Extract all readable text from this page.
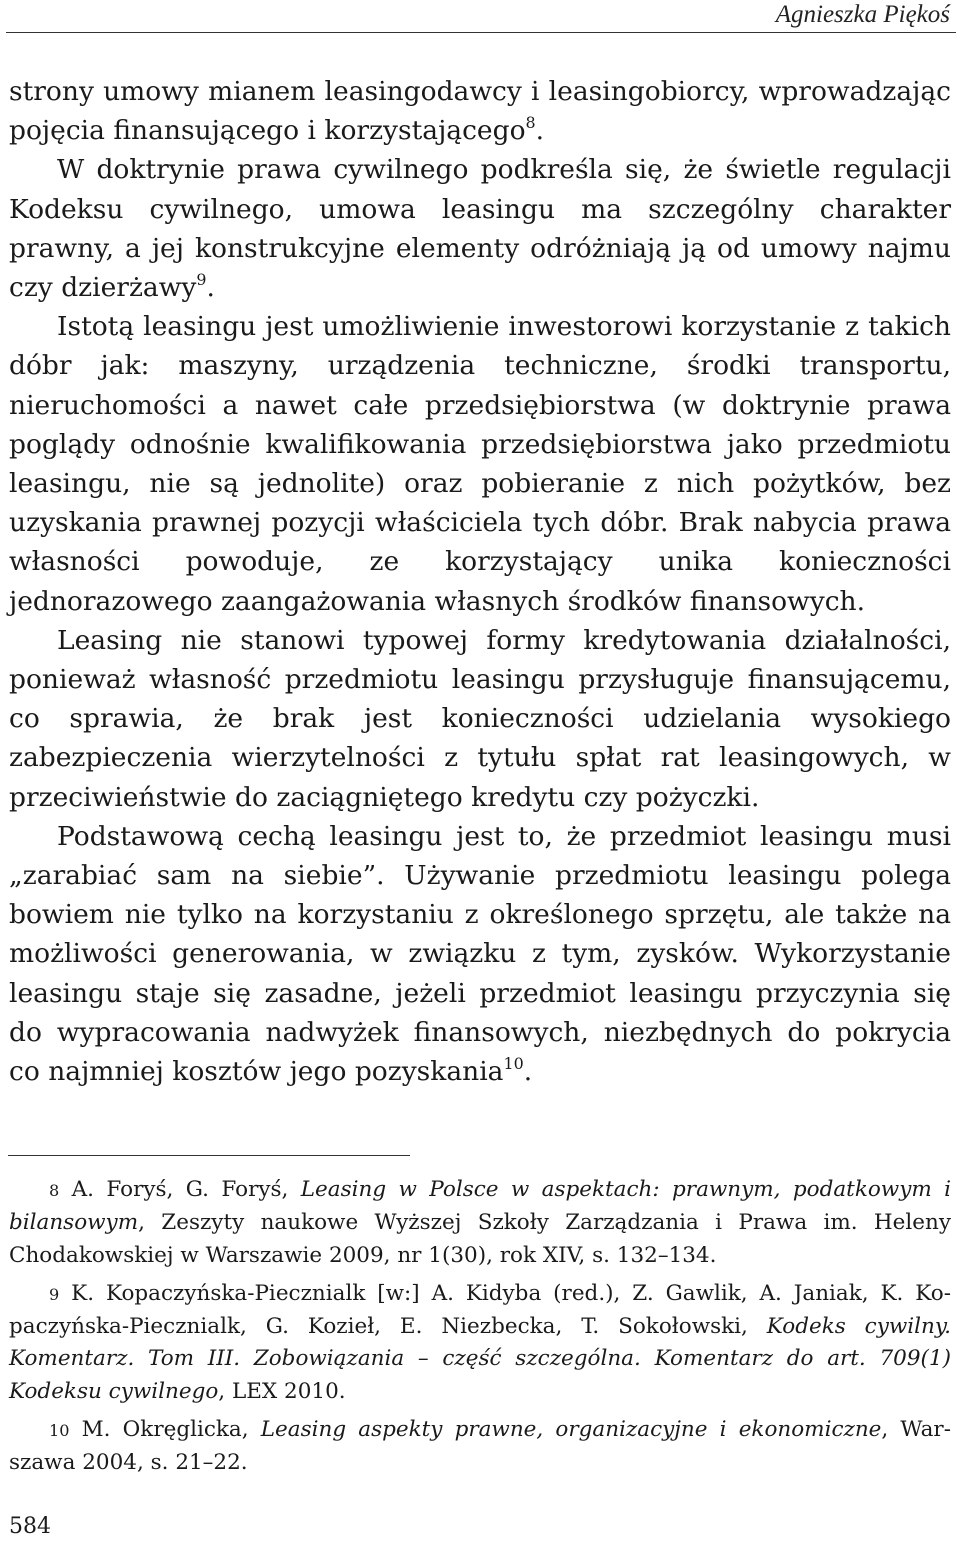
Agnieszka Piękoś

strony umowy mianem leasingodawcy i leasingobiorcy, wprowadzając pojęcia finansującego i korzystającego$^8$.

W doktrynie prawa cywilnego podkreśla się, że świetle regulacji Kodeksu cywilnego, umowa leasingu ma szczególny charakter prawny, a jej konstrukcyjne elementy odróżniają ją od umowy najmu czy dzierżawy$^9$.

Istotą leasingu jest umożliwienie inwestorowi korzystanie z takich dóbr jak: maszyny, urządzenia techniczne, środki transportu, nieruchomości a nawet całe przedsiębiorstwa (w doktrynie prawa poglądy odnośnie kwalifikowania przedsiębiorstwa jako przedmiotu leasingu, nie są jednolite) oraz pobieranie z nich pożytków, bez uzyskania prawnej pozycji właściciela tych dóbr. Brak nabycia prawa własności powoduje, ze korzystający unika konieczności jednorazowego zaangażowania własnych środków finansowych.

Leasing nie stanowi typowej formy kredytowania działalności, ponieważ własność przedmiotu leasingu przysługuje finansującemu, co sprawia, że brak jest konieczności udzielania wysokiego zabezpieczenia wierzytelności z tytułu spłat rat leasingowych, w przeciwieństwie do zaciągniętego kredytu czy pożyczki.

Podstawową cechą leasingu jest to, że przedmiot leasingu musi „zarabiać sam na siebie”. Używanie przedmiotu leasingu polega bowiem nie tylko na korzystaniu z określonego sprzętu, ale także na możliwości generowania, w związku z tym, zysków. Wykorzystanie leasingu staje się zasadne, jeżeli przedmiot leasingu przyczynia się do wypracowania nadwyżek finansowych, niezbędnych do pokrycia co najmniej kosztów jego pozyskania$^{10}$.

8 A. Foryś, G. Foryś, Leasing w Polsce w aspektach: prawnym, podatkowym i bilansowym, Zeszyty naukowe Wyższej Szkoły Zarządzania i Prawa im. Heleny Chodakowskiej w Warszawie 2009, nr 1(30), rok XIV, s. 132–134.

9 K. Kopaczyńska-Piecznialk [w:] A. Kidyba (red.), Z. Gawlik, A. Janiak, K. Kopaczyńska-Piecznialk, G. Kozieł, E. Niezbecka, T. Sokołowski, Kodeks cywilny. Komentarz. Tom III. Zobowiązania – część szczególna. Komentarz do art. 709(1) Kodeksu cywilnego, LEX 2010.

10 M. Okręglicka, Leasing aspekty prawne, organizacyjne i ekonomiczne, Warszawa 2004, s. 21–22.

584
